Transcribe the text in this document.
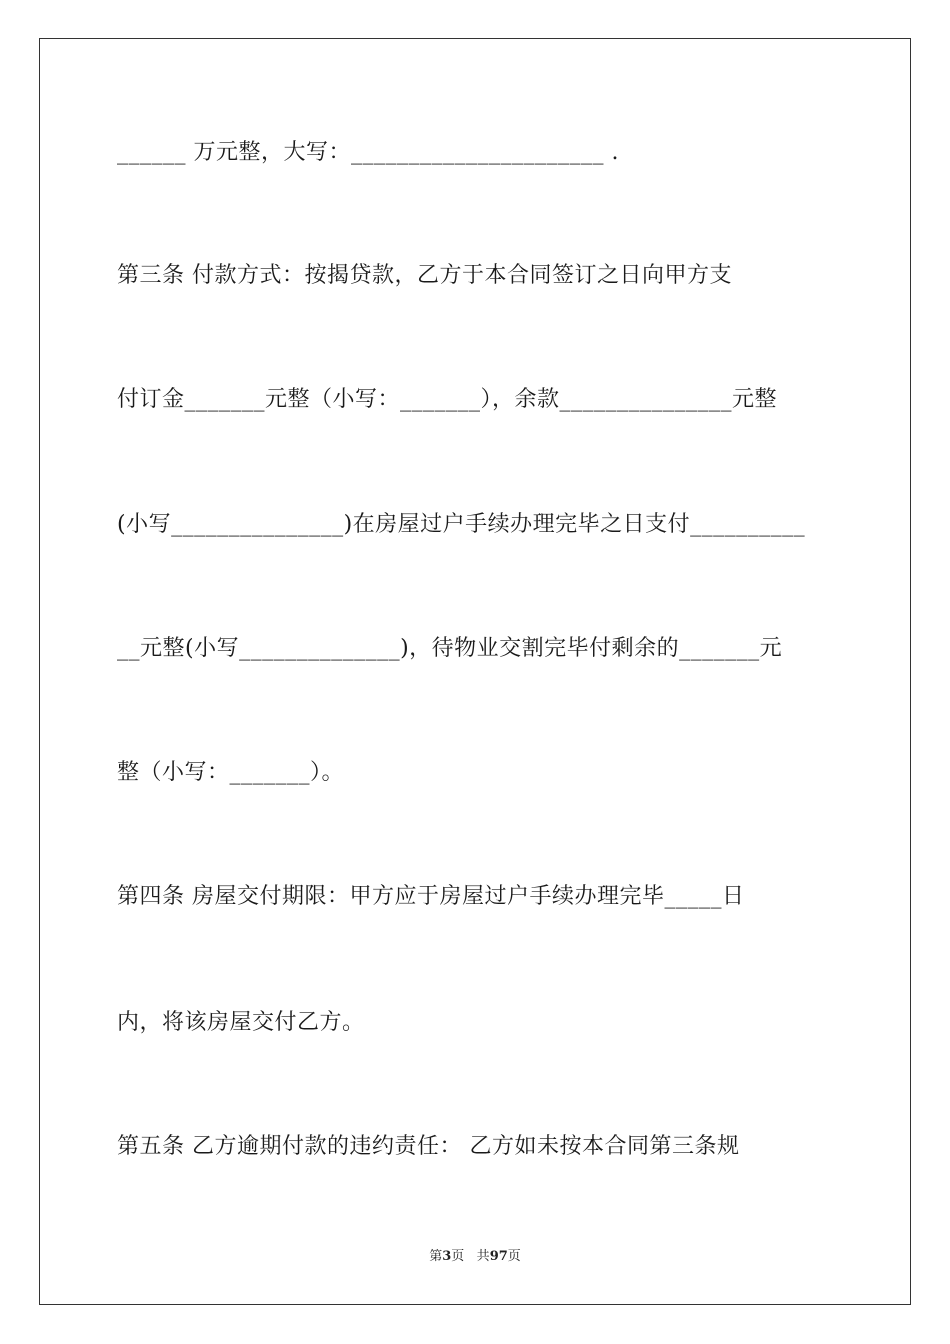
______ 万元整，大写：______________________ .
第三条 付款方式：按揭贷款，乙方于本合同签订之日向甲方支
付订金_______元整（小写：_______），余款_______________元整
(小写_______________)在房屋过户手续办理完毕之日支付__________
__元整(小写______________)，待物业交割完毕付剩余的_______元
整（小写：_______）。
第四条 房屋交付期限：甲方应于房屋过户手续办理完毕_____日
内，将该房屋交付乙方。
第五条 乙方逾期付款的违约责任： 乙方如未按本合同第三条规
第3页 共97页
